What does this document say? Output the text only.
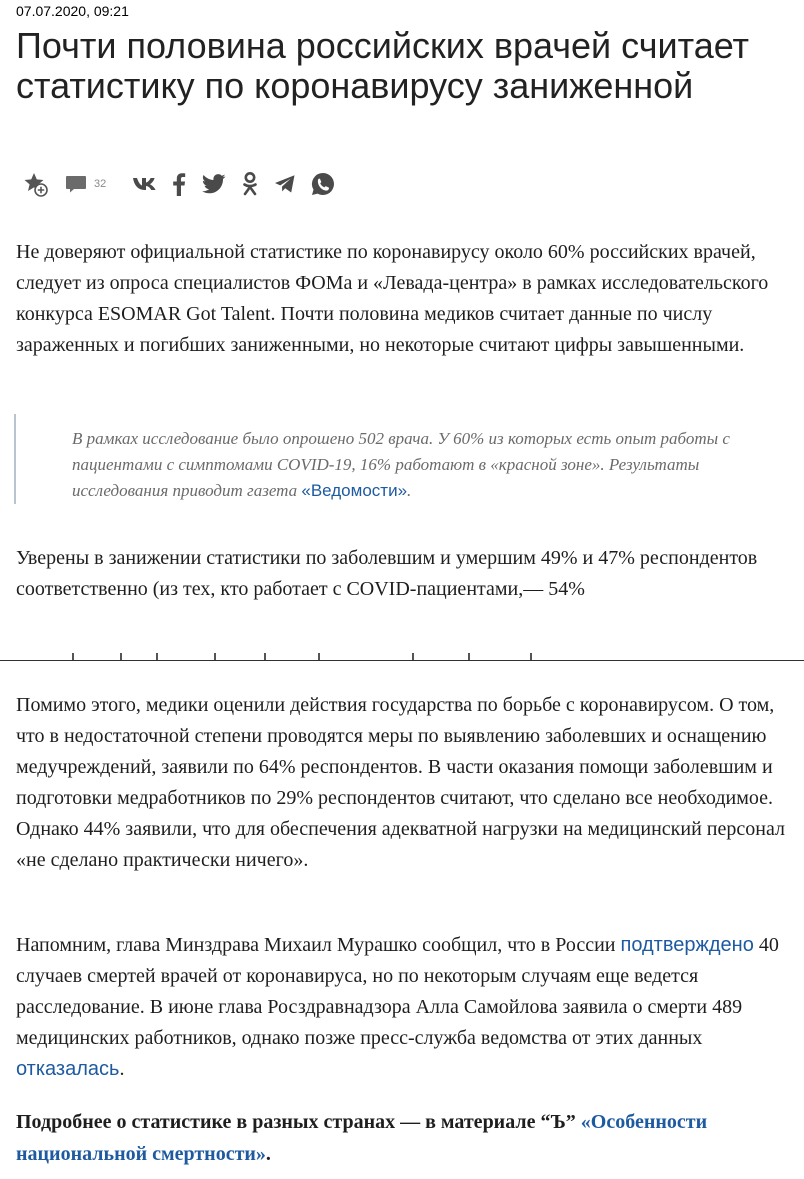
07.07.2020, 09:21
Почти половина российских врачей считает статистику по коронавирусу заниженной
32

Не доверяют официальной статистике по коронавирусу около 60% российских врачей, следует из опроса специалистов ФОМа и «Левада-центра» в рамках исследовательского конкурса ESOMAR Got Talent. Почти половина медиков считает данные по числу зараженных и погибших заниженными, но некоторые считают цифры завышенными.

В рамках исследование было опрошено 502 врача. У 60% из которых есть опыт работы с пациентами с симптомами COVID-19, 16% работают в «красной зоне». Результаты исследования приводит газета «Ведомости».

Уверены в занижении статистики по заболевшим и умершим 49% и 47% респондентов соответственно (из тех, кто работает с COVID-пациентами,— 54%

Помимо этого, медики оценили действия государства по борьбе с коронавирусом. О том, что в недостаточной степени проводятся меры по выявлению заболевших и оснащению медучреждений, заявили по 64% респондентов. В части оказания помощи заболевшим и подготовки медработников по 29% респондентов считают, что сделано все необходимое. Однако 44% заявили, что для обеспечения адекватной нагрузки на медицинский персонал «не сделано практически ничего».

Напомним, глава Минздрава Михаил Мурашко сообщил, что в России подтверждено 40 случаев смертей врачей от коронавируса, но по некоторым случаям еще ведется расследование. В июне глава Росздравнадзора Алла Самойлова заявила о смерти 489 медицинских работников, однако позже пресс-служба ведомства от этих данных отказалась.

Подробнее о статистике в разных странах — в материале “Ъ” «Особенности национальной смертности».
